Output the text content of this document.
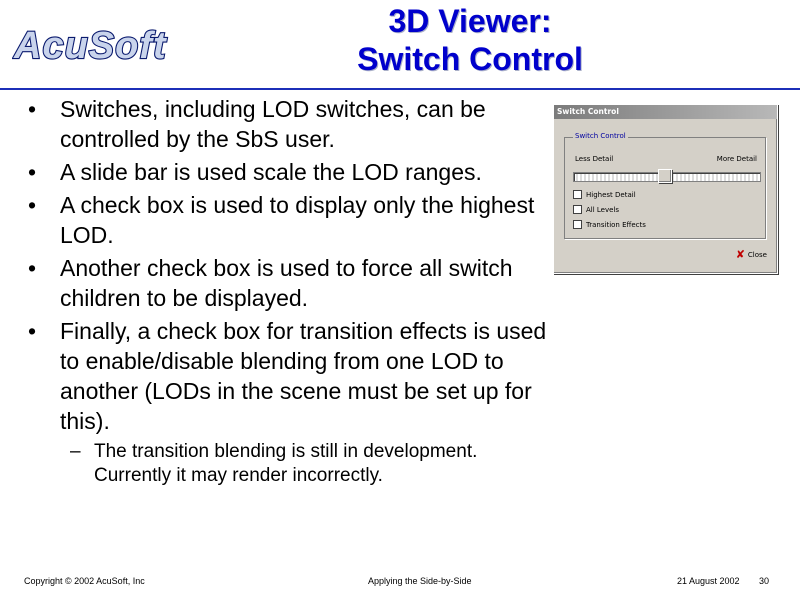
AcuSoft
3D Viewer:
Switch Control
• Switches, including LOD switches, can be controlled by the SbS user.
• A slide bar is used scale the LOD ranges.
• A check box is used to display only the highest LOD.
• Another check box is used to force all switch children to be displayed.
• Finally, a check box for transition effects is used to enable/disable blending from one LOD to another (LODs in the scene must be set up for this).
– The transition blending is still in development. Currently it may render incorrectly.
Switch Control
Switch Control
Less Detail	More Detail
Highest Detail
All Levels
Transition Effects
✘ Close
Copyright © 2002 AcuSoft, Inc	Applying the Side-by-Side	21 August 2002 30
